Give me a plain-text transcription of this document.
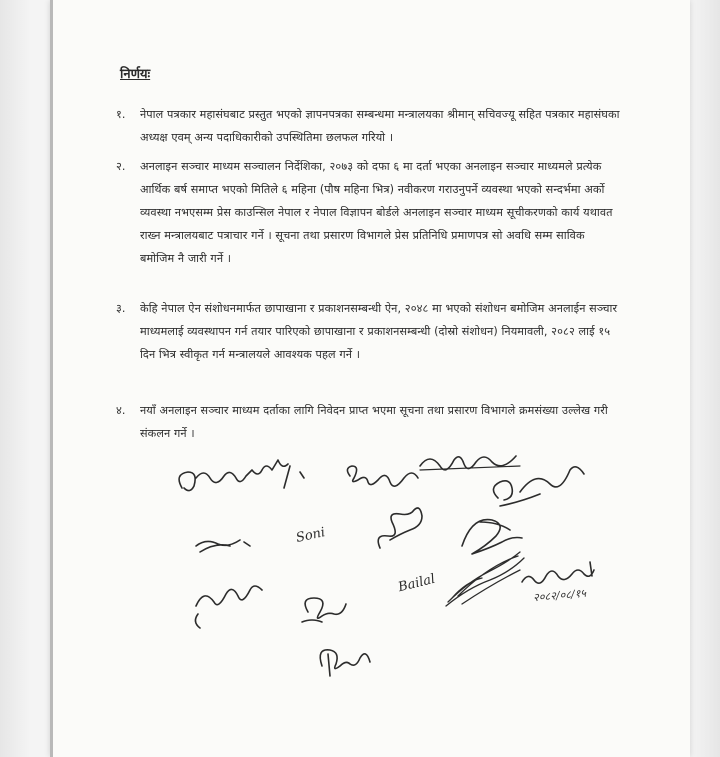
निर्णयः
१. नेपाल पत्रकार महासंघबाट प्रस्तुत भएको ज्ञापनपत्रका सम्बन्धमा मन्त्रालयका श्रीमान् सचिवज्यू सहित पत्रकार महासंघका अध्यक्ष एवम् अन्य पदाधिकारीको उपस्थितिमा छलफल गरियो ।
२. अनलाइन सञ्चार माध्यम सञ्चालन निर्देशिका, २०७३ को दफा ६ मा दर्ता भएका अनलाइन सञ्चार माध्यमले प्रत्येक आर्थिक बर्ष समाप्त भएको मितिले ६ महिना (पौष महिना भित्र) नवीकरण गराउनुपर्ने व्यवस्था भएको सन्दर्भमा अर्को व्यवस्था नभएसम्म प्रेस काउन्सिल नेपाल र नेपाल विज्ञापन बोर्डले अनलाइन सञ्चार माध्यम सूचीकरणको कार्य यथावत राख्न मन्त्रालयबाट पत्राचार गर्ने । सूचना तथा प्रसारण विभागले प्रेस प्रतिनिधि प्रमाणपत्र सो अवधि सम्म साविक बमोजिम नै जारी गर्ने ।
३. केहि नेपाल ऐन संशोधनमार्फत छापाखाना र प्रकाशनसम्बन्धी ऐन, २०४८ मा भएको संशोधन बमोजिम अनलाईन सञ्चार माध्यमलाई व्यवस्थापन गर्न तयार पारिएको छापाखाना र प्रकाशनसम्बन्धी (दोस्रो संशोधन) नियमावली, २०८२ लाई १५ दिन भित्र स्वीकृत गर्न मन्त्रालयले आवश्यक पहल गर्ने ।
४. नयाँ अनलाइन सञ्चार माध्यम दर्ताका लागि निवेदन प्राप्त भएमा सूचना तथा प्रसारण विभागले क्रमसंख्या उल्लेख गरी संकलन गर्ने ।
Soni
Bailal
२०८२/०८/१५
